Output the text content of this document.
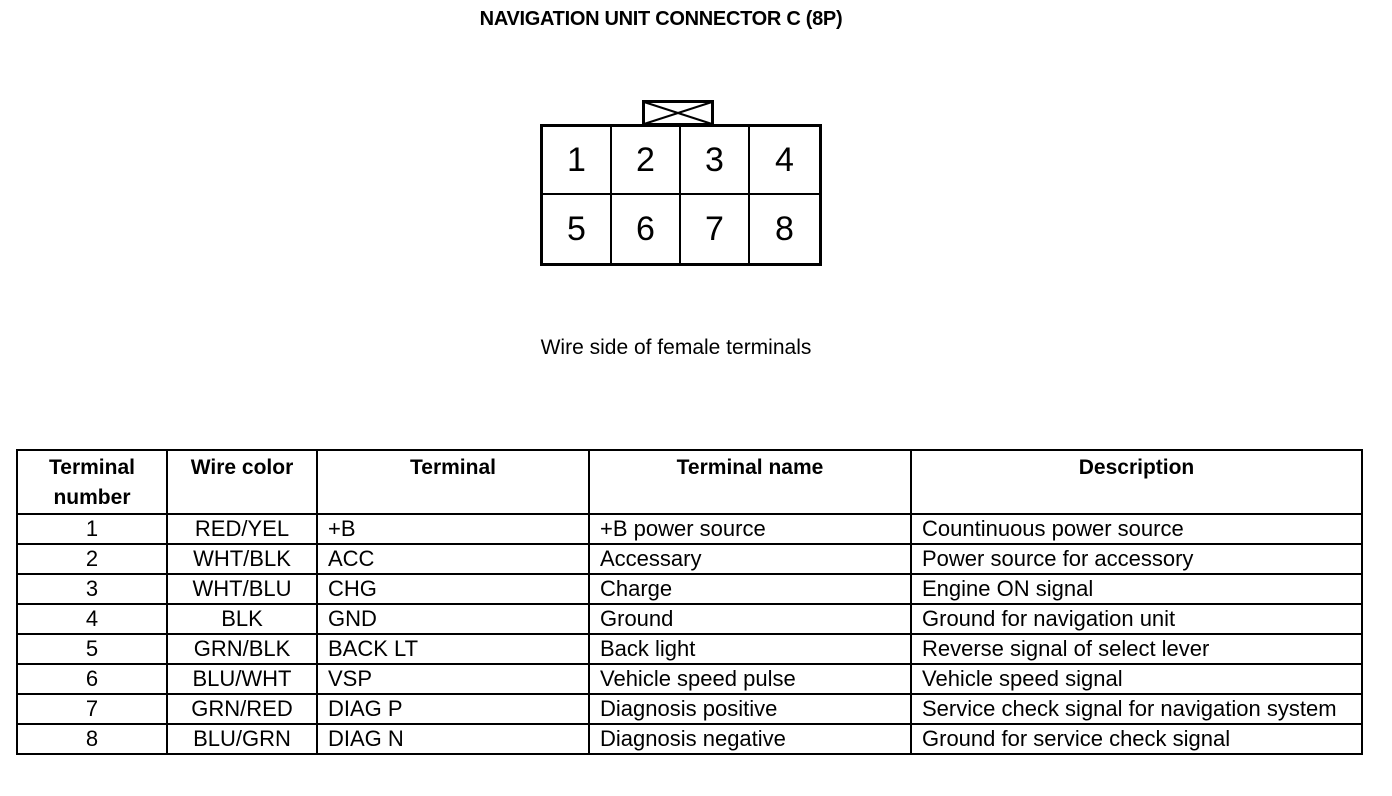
NAVIGATION UNIT CONNECTOR C (8P)
1	2	3	4
5	6	7	8
Wire side of female terminals
Terminal number	Wire color	Terminal	Terminal name	Description
1	RED/YEL	+B	+B power source	Countinuous power source
2	WHT/BLK	ACC	Accessary	Power source for accessory
3	WHT/BLU	CHG	Charge	Engine ON signal
4	BLK	GND	Ground	Ground for navigation unit
5	GRN/BLK	BACK LT	Back light	Reverse signal of select lever
6	BLU/WHT	VSP	Vehicle speed pulse	Vehicle speed signal
7	GRN/RED	DIAG P	Diagnosis positive	Service check signal for navigation system
8	BLU/GRN	DIAG N	Diagnosis negative	Ground for service check signal
